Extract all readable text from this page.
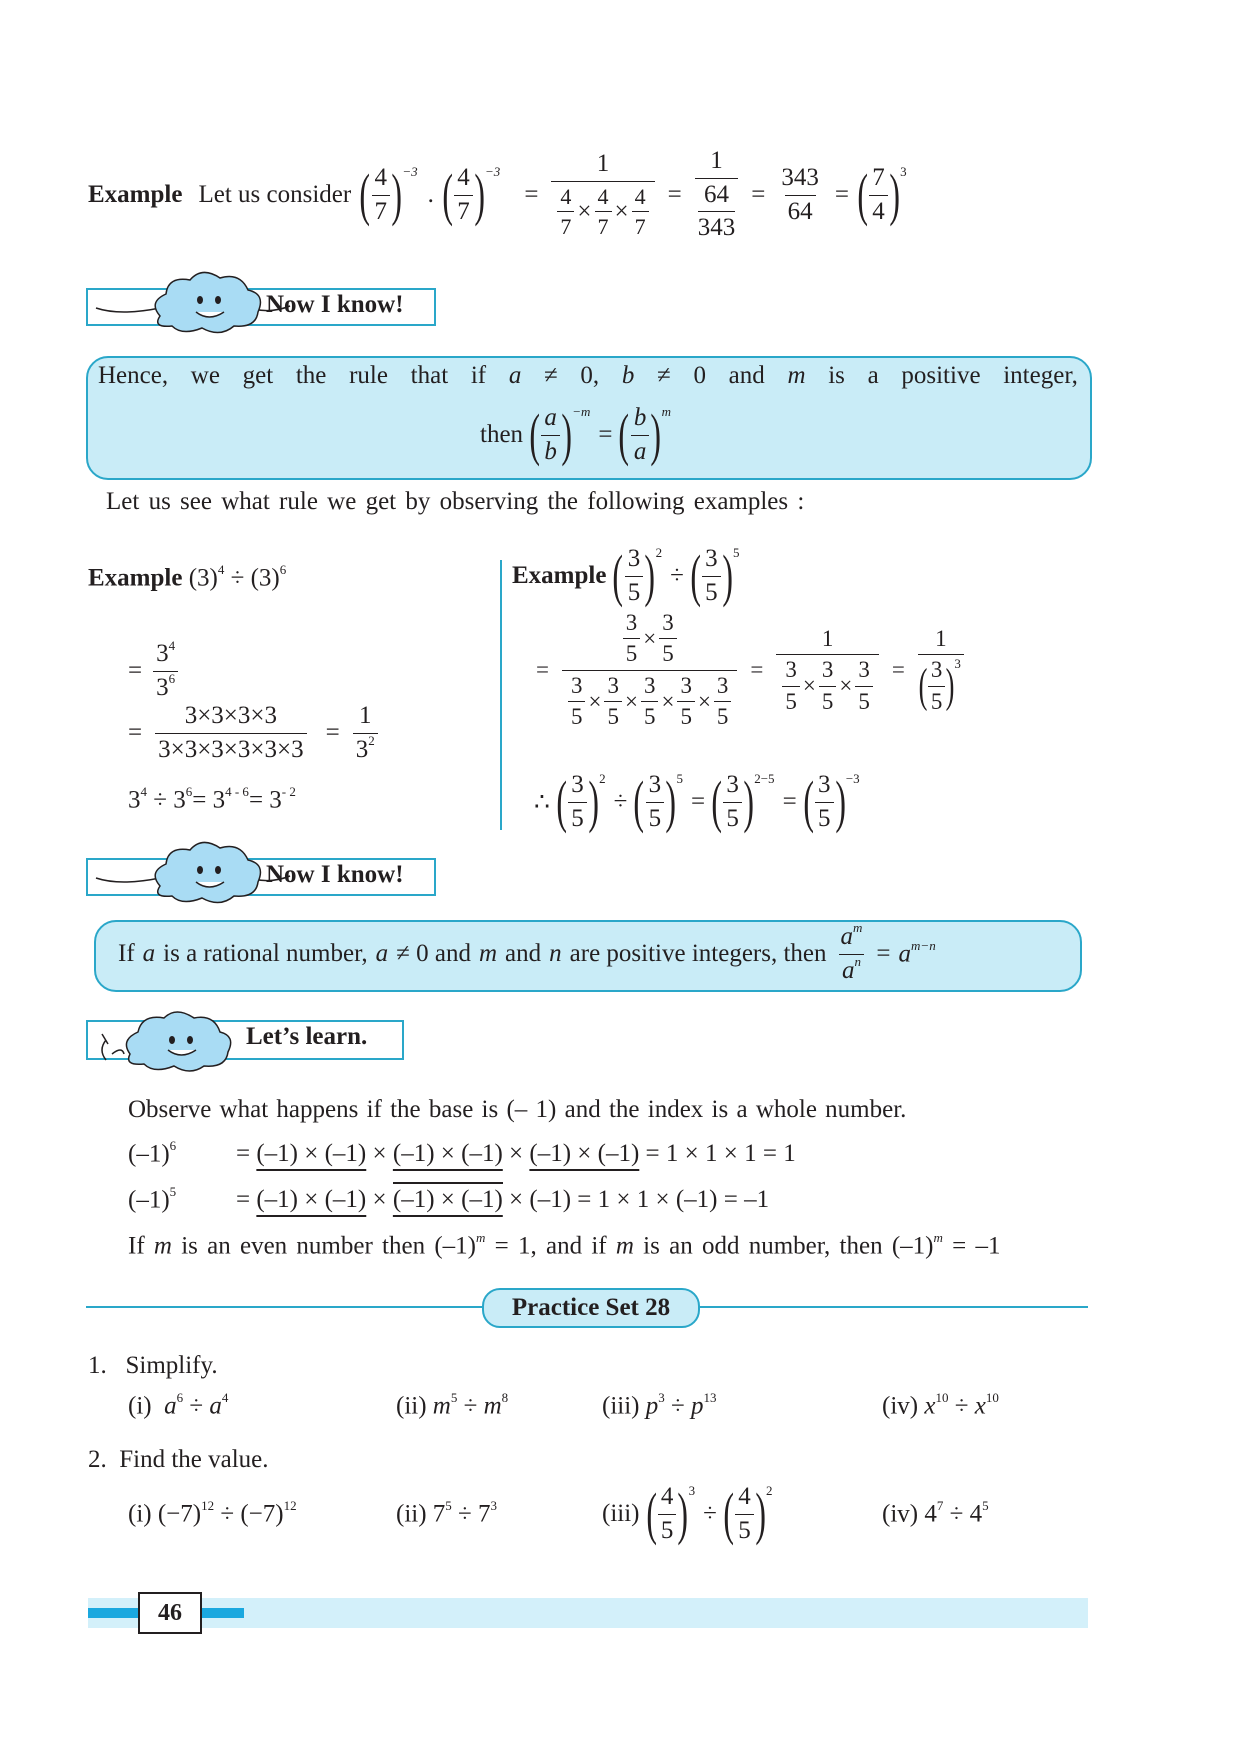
Example Let us consider ( $\frac{4}{7}$ ) −3
. ( $\frac{4}{7}$ ) −3
= $\frac{1}{\frac{4}{7} \times \frac{4}{7} \times \frac{4}{7}} = 1$
64
$343 = \frac{343}{64}$ = ( $\frac{7}{4}$ ) 3
Now I know!
Hence, we get the rule that if a ≠ 0, b ≠ 0 and m is a positive integer,
then ( $\frac{a}{b}$ ) −m
= ( $\frac{b}{a}$ ) m
Let us see what rule we get by observing the following examples :
Example $(3)^4 \div (3)^6$
= $\frac{3^4}{3^6}$
= $\frac{3\times 3\times 3\times 3}{3\times 3\times 3\times 3\times 3\times 3} = \frac{1}{3^2}$
$3^4 \div 3^6= 3^{4 - 6}= 3^{- 2}$
Example ( $\frac{3}{5}$ ) 2
÷ ( $\frac{3}{5}$ ) 5
= $\frac{\frac{3}{5} \times \frac{3}{5}}{\frac{3}{5} \times \frac{3}{5} \times \frac{3}{5} \times \frac{3}{5} \times \frac{3}{5}} = \frac{1}{\frac{3}{5} \times \frac{3}{5} \times \frac{3}{5}} = \frac{1}{( \frac{3}{5} ) 3}$
∴ ( $\frac{3}{5}$ ) 2
÷ ( $\frac{3}{5}$ ) 5
= ( $\frac{3}{5}$ ) 2−5
= ( $\frac{3}{5}$ ) −3
Now I know!
If a is a rational number, a ≠ 0 and m and n are positive integers, then $\frac{a^m}{a^n} = a^{m-n}$
Let’s learn.
Observe what happens if the base is (– 1) and the index is a whole number.
$(-1)^6$	= (–1) × (–1) × (–1) × (–1) × (–1) × (–1) = 1 × 1 × 1 = 1
$(-1)^5$	= (–1) × (–1) × (–1) × (–1) × (–1) = 1 × 1 × (–1) = –1
If m is an even number then $(-1)^m = 1$, and if m is an odd number, then $(-1)^m = -1$
Practice Set 28
1. Simplify.
(i) $a^6 \div a^4$	(ii) $m^5 \div m^8$	(iii) $p^3 \div p^{13}$	(iv) $x^{10} \div x^{10}$
2. Find the value.
(i) $(-7)^{12} \div (-7)^{12}$	(ii) $7^5 \div 7^3$	(iii) ( $\frac{4}{5}$ ) 3
÷ ( $\frac{4}{5}$ ) 2
(iv) $4^7 \div 4^5$
46
